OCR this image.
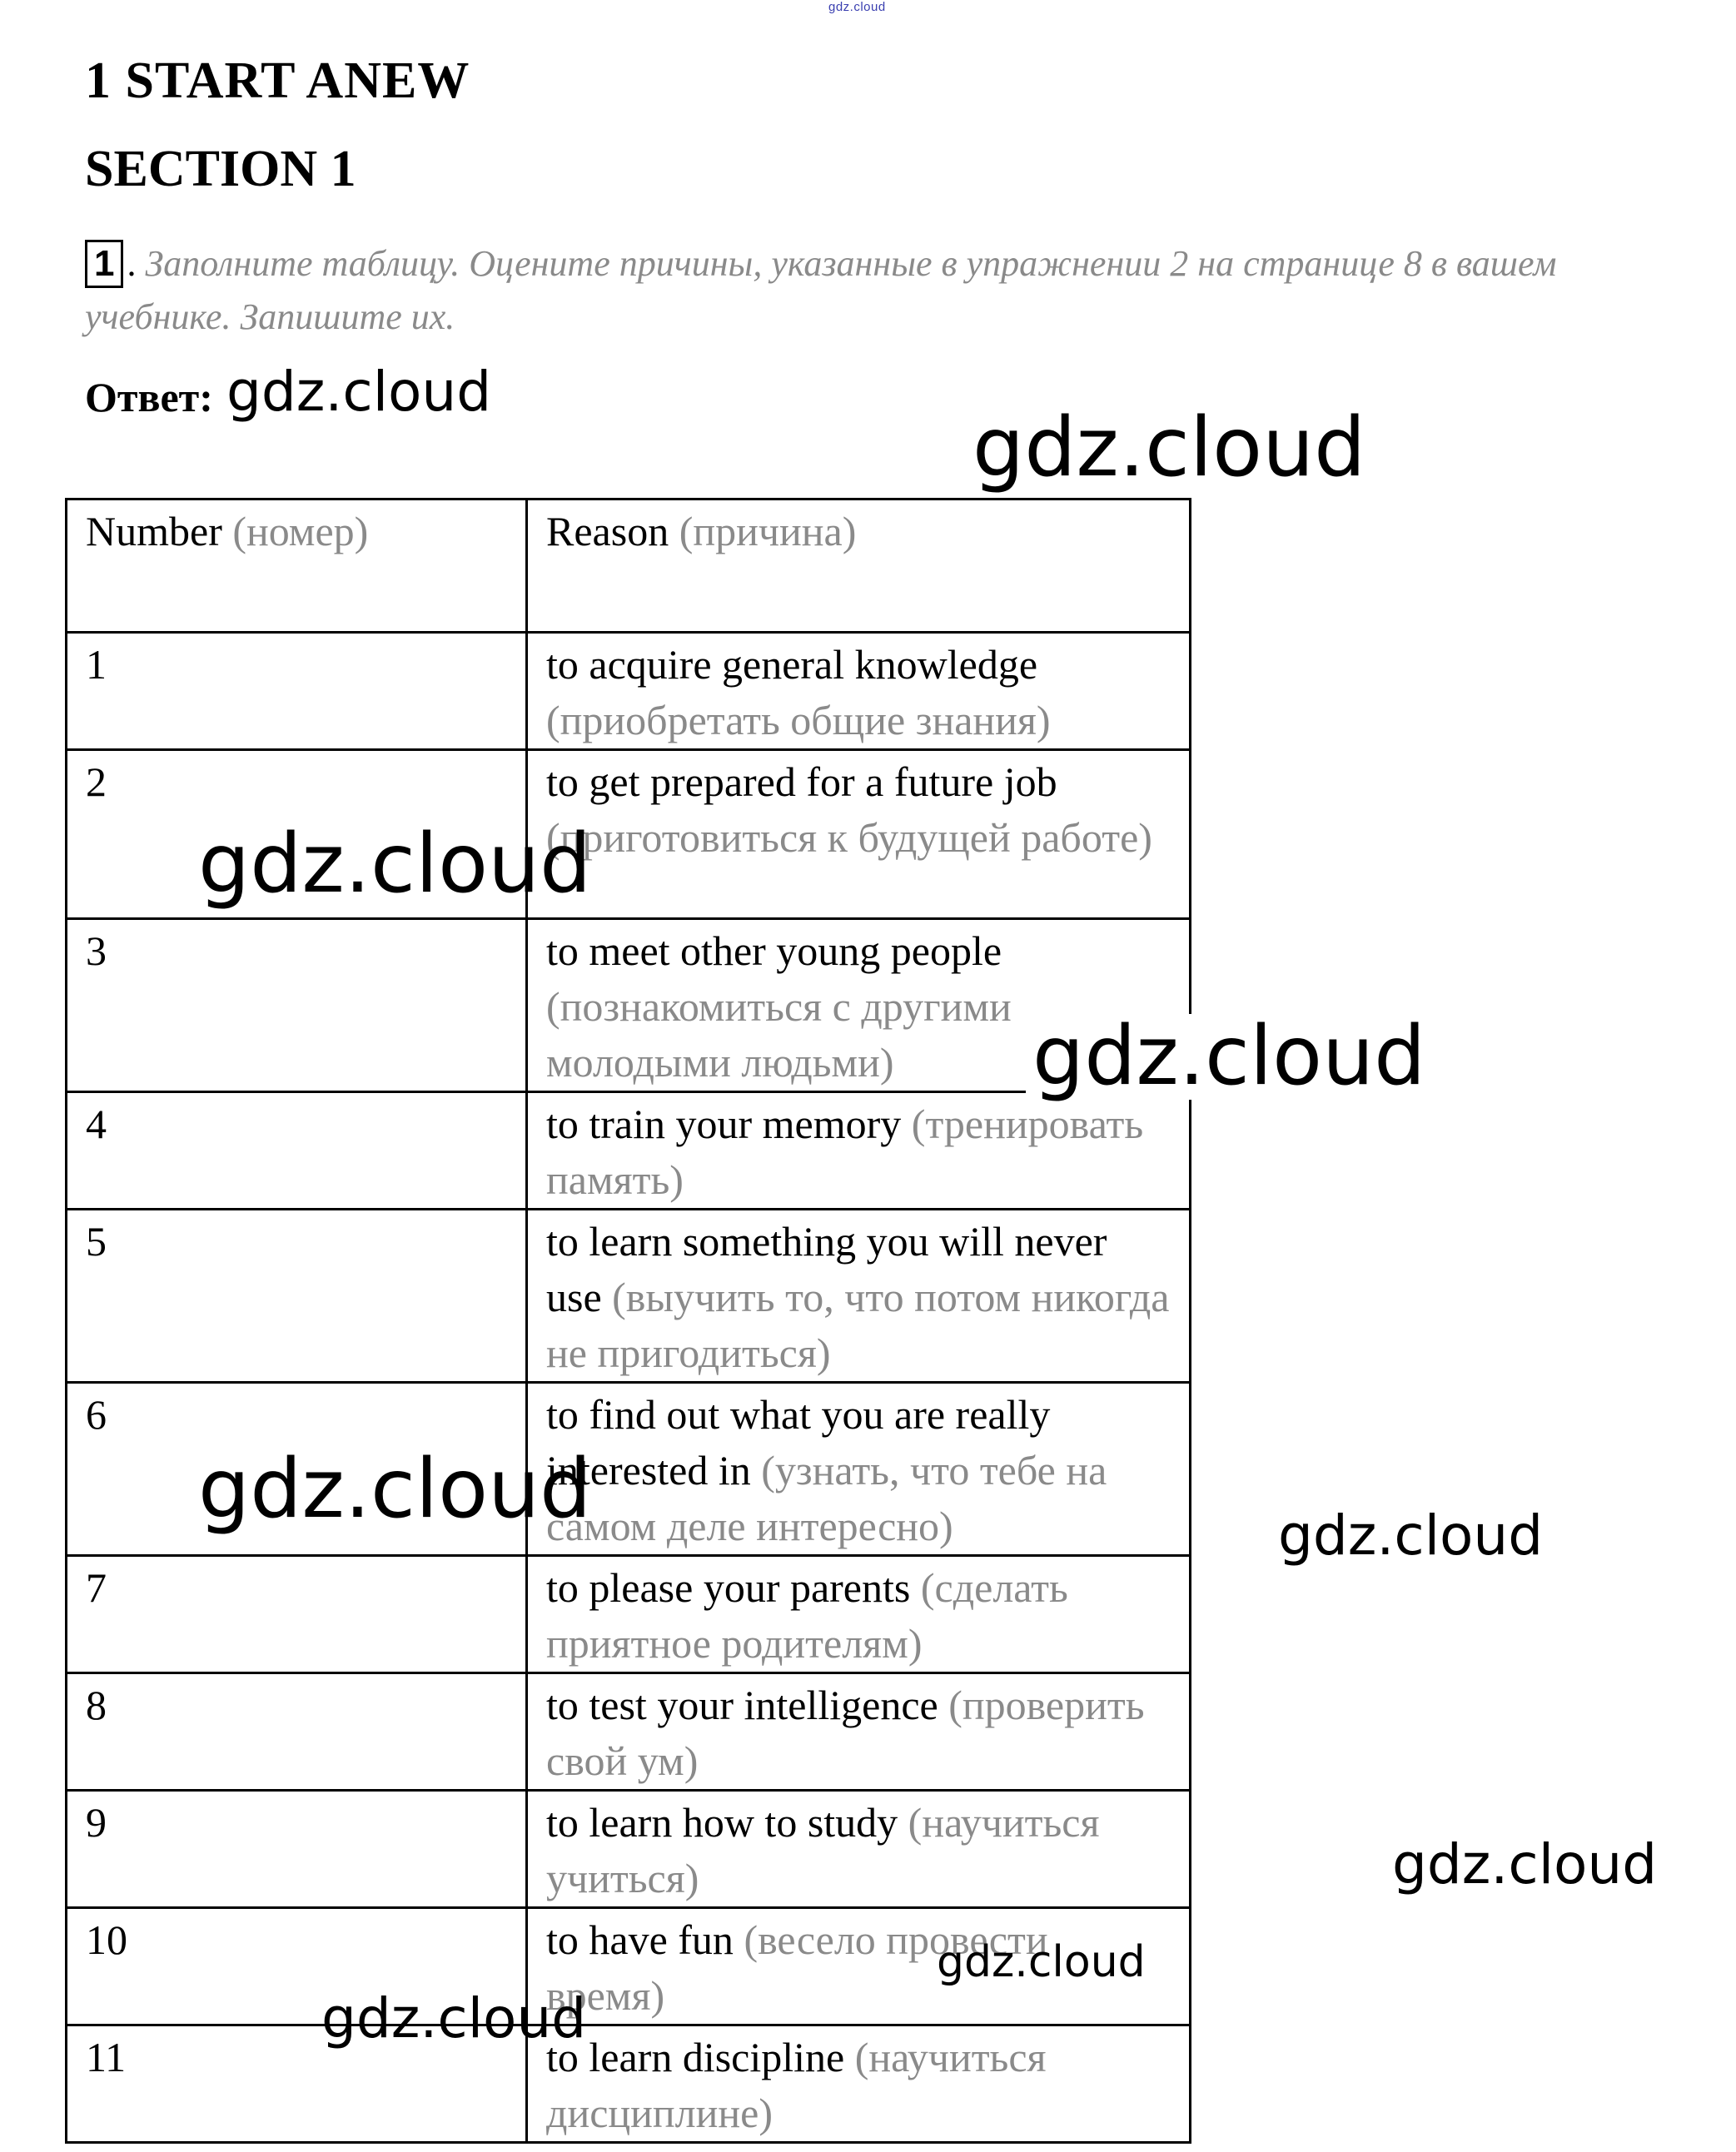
gdz.cloud
1 START ANEW
SECTION 1
1 . Заполните таблицу. Оцените причины, указанные в упражнении 2 на странице 8 в вашем учебнике. Запишите их.
Ответ: gdz.cloud
Number (номер)	Reason (причина)
1	to acquire general knowledge (приобретать общие знания)
2	to get prepared for a future job (приготовиться к будущей работе)
3	to meet other young people (познакомиться с другими молодыми людьми)
4	to train your memory (тренировать память)
5	to learn something you will never use (выучить то, что потом никогда не пригодиться)
6	to find out what you are really interested in (узнать, что тебе на самом деле интересно)
7	to please your parents (сделать приятное родителям)
8	to test your intelligence (проверить свой ум)
9	to learn how to study (научиться учиться)
10	to have fun (весело провести время)
11	to learn discipline (научиться дисциплине)
gdz.cloud
gdz.cloud
gdz.cloud
gdz.cloud	gdz.cloud
gdz.cloud
gdz.cloud
gdz.cloud
